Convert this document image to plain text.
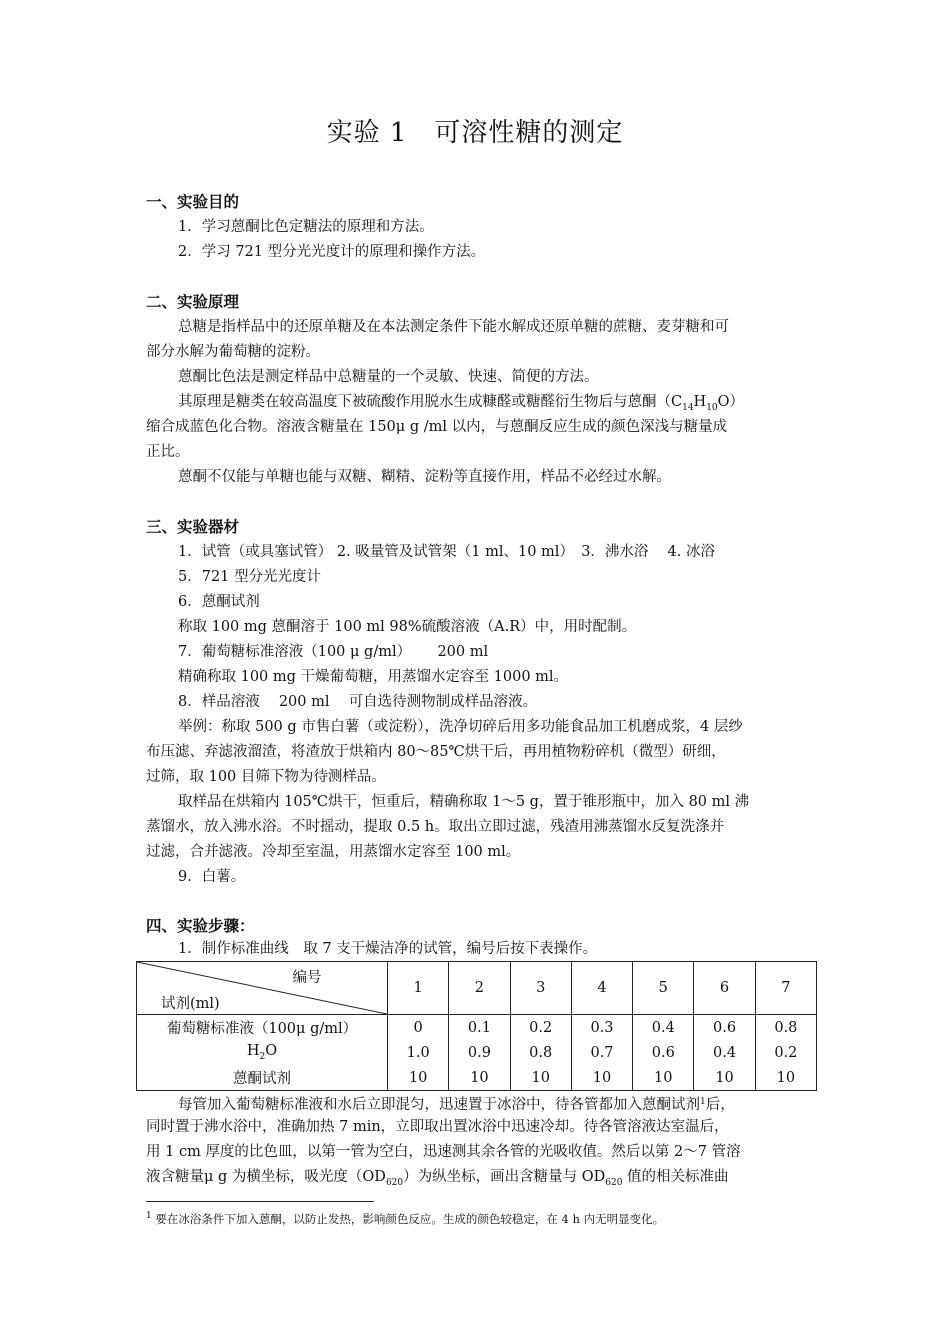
实验 1　可溶性糖的测定
一、实验目的
1．学习蒽酮比色定糖法的原理和方法。
2．学习 721 型分光光度计的原理和操作方法。
二、实验原理
总糖是指样品中的还原单糖及在本法测定条件下能水解成还原单糖的蔗糖、麦芽糖和可
部分水解为葡萄糖的淀粉。
蒽酮比色法是测定样品中总糖量的一个灵敏、快速、简便的方法。
其原理是糖类在较高温度下被硫酸作用脱水生成糠醛或糖醛衍生物后与蒽酮$(C_{14}H_{10}O)$
缩合成蓝色化合物。溶液含糖量在 150μ g /ml 以内，与蒽酮反应生成的颜色深浅与糖量成
正比。
蒽酮不仅能与单糖也能与双糖、糊精、淀粉等直接作用，样品不必经过水解。
三、实验器材
1．试管（或具塞试管） 2. 吸量管及试管架（1 ml、10 ml）　3．沸水浴　 4. 冰浴
5．721 型分光光度计
6．蒽酮试剂
称取 100 mg 蒽酮溶于 100 ml 98%硫酸溶液（A.R）中，用时配制。
7．葡萄糖标准溶液（100 μ g/ml）　　 200 ml
精确称取 100 mg 干燥葡萄糖，用蒸馏水定容至 1000 ml。
8．样品溶液　 200 ml　 可自选待测物制成样品溶液。
举例：称取 500 g 市售白薯（或淀粉），洗净切碎后用多功能食品加工机磨成浆，4 层纱
布压滤、弃滤液溜渣，将渣放于烘箱内 80～85℃烘干后，再用植物粉碎机（微型）研细，
过筛，取 100 目筛下物为待测样品。
取样品在烘箱内 105℃烘干，恒重后，精确称取 1～5 g，置于锥形瓶中，加入 80 ml 沸
蒸馏水，放入沸水浴。不时摇动，提取 0.5 h。取出立即过滤，残渣用沸蒸馏水反复洗涤并
过滤，合并滤液。冷却至室温，用蒸馏水定容至 100 ml。
9．白薯。
四、实验步骤：
1．制作标准曲线　取 7 支干燥洁净的试管，编号后按下表操作。
编号
试剂(ml)	1	2	3	4	5	6	7
葡萄糖标准液（100μ g/ml）	0	0.1	0.2	0.3	0.4	0.6	0.8
$H_2O$	1.0	0.9	0.8	0.7	0.6	0.4	0.2
蒽酮试剂	10	10	10	10	10	10	10
每管加入葡萄糖标准液和水后立即混匀，迅速置于冰浴中，待各管都加入蒽酮试剂$^1$后，
同时置于沸水浴中，准确加热 7 min，立即取出置冰浴中迅速冷却。待各管溶液达室温后，
用 1 cm 厚度的比色皿，以第一管为空白，迅速测其余各管的光吸收值。然后以第 2～7 管溶
液含糖量μ g 为横坐标，吸光度$(OD_{620})$为纵坐标，画出含糖量与 $OD_{620}$ 值的相关标准曲
$^1$ 要在冰浴条件下加入蒽酮，以防止发热，影响颜色反应。生成的颜色较稳定，在 4 h 内无明显变化。
